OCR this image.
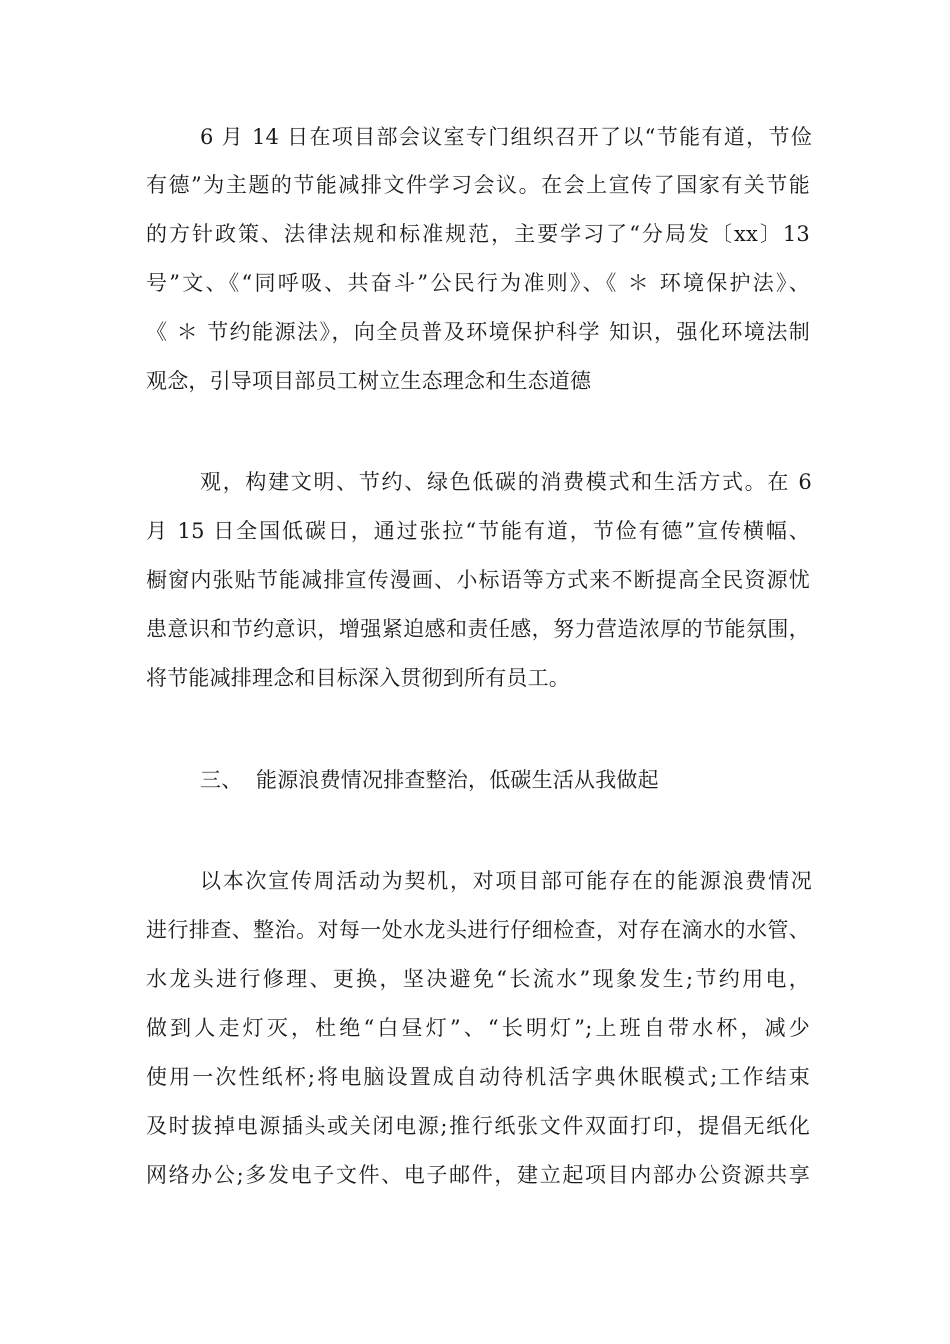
6 月 14 日在项目部会议室专门组织召开了以“节能有道，节俭
有德”为主题的节能减排文件学习会议。在会上宣传了国家有关节能
的方针政策、法律法规和标准规范，主要学习了“分局发〔xx〕13
号”文、《“同呼吸、共奋斗”公民行为准则》、《 ＊ 环境保护法》、
《 ＊ 节约能源法》，向全员普及环境保护科学 知识，强化环境法制
观念，引导项目部员工树立生态理念和生态道德
观，构建文明、节约、绿色低碳的消费模式和生活方式。在 6
月 15 日全国低碳日，通过张拉“节能有道，节俭有德”宣传横幅、
橱窗内张贴节能减排宣传漫画、小标语等方式来不断提高全民资源忧
患意识和节约意识，增强紧迫感和责任感，努力营造浓厚的节能氛围，
将节能减排理念和目标深入贯彻到所有员工。
三、 能源浪费情况排查整治，低碳生活从我做起
以本次宣传周活动为契机，对项目部可能存在的能源浪费情况
进行排查、整治。对每一处水龙头进行仔细检查，对存在滴水的水管、
水龙头进行修理、更换，坚决避免“长流水”现象发生;节约用电，
做到人走灯灭，杜绝“白昼灯”、“长明灯”;上班自带水杯，减少
使用一次性纸杯;将电脑设置成自动待机活字典休眠模式;工作结束
及时拔掉电源插头或关闭电源;推行纸张文件双面打印，提倡无纸化
网络办公;多发电子文件、电子邮件，建立起项目内部办公资源共享
